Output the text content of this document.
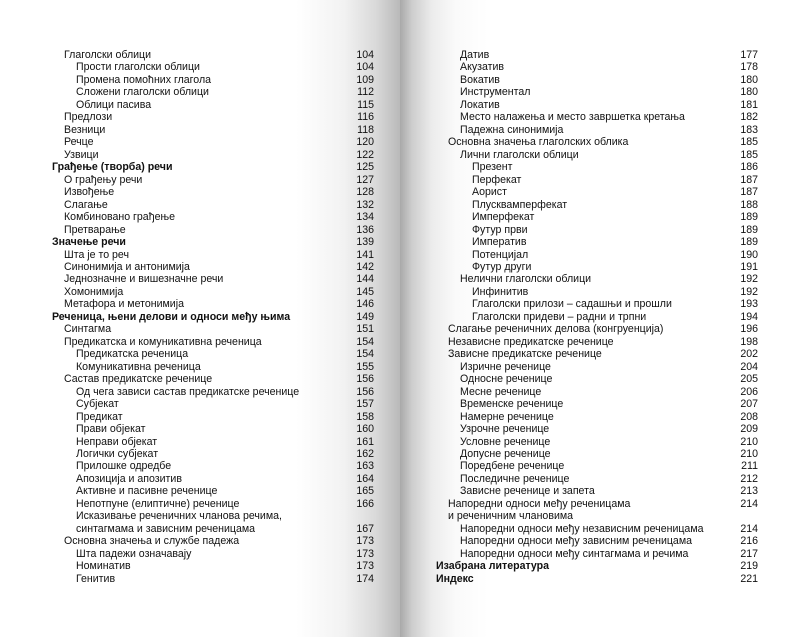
Глаголски облици	104
Прости глаголски облици	104
Промена помоћних глагола	109
Сложени глаголски облици	112
Облици пасива	115
Предлози	116
Везници	118
Речце	120
Узвици	122
Грађење (творба) речи	125
О грађењу речи	127
Извођење	128
Слагање	132
Комбиновано грађење	134
Претварање	136
Значење речи	139
Шта је то реч	141
Синонимија и антонимија	142
Једнозначне и вишезначне речи	144
Хомонимија	145
Метафора и метонимија	146
Реченица, њени делови и односи међу њима	149
Синтагма	151
Предикатска и комуникативна реченица	154
Предикатска реченица	154
Комуникативна реченица	155
Састав предикатске реченице	156
Од чега зависи састав предикатске реченице	156
Субјекат	157
Предикат	158
Прави објекат	160
Неправи објекат	161
Логички субјекат	162
Прилошке одредбе	163
Апозиција и апозитив	164
Активне и пасивне реченице	165
Непотпуне (елиптичне) реченице	166
Исказивање реченичних чланова речима,
синтагмама и зависним реченицама	167
Основна значења и службе падежа	173
Шта падежи означавају	173
Номинатив	173
Генитив	174
Датив	177
Акузатив	178
Вокатив	180
Инструментал	180
Локатив	181
Место налажења и место завршетка кретања	182
Падежна синонимија	183
Основна значења глаголских облика	185
Лични глаголски облици	185
Презент	186
Перфекат	187
Аорист	187
Плусквамперфекат	188
Имперфекат	189
Футур први	189
Императив	189
Потенцијал	190
Футур други	191
Нелични глаголски облици	192
Инфинитив	192
Глаголски прилози – садашњи и прошли	193
Глаголски придеви – радни и трпни	194
Слагање реченичних делова (конгруенција)	196
Независне предикатске реченице	198
Зависне предикатске реченице	202
Изричне реченице	204
Односне реченице	205
Месне реченице	206
Временске реченице	207
Намерне реченице	208
Узрочне реченице	209
Условне реченице	210
Допусне реченице	210
Поредбене реченице	211
Последичне реченице	212
Зависне реченице и запета	213
Напоредни односи међу реченицама	214
и реченичним члановима
Напоредни односи међу независним реченицама	214
Напоредни односи међу зависним реченицама	216
Напоредни односи међу синтагмама и речима	217
Изабрана литература	219
Индекс	221
